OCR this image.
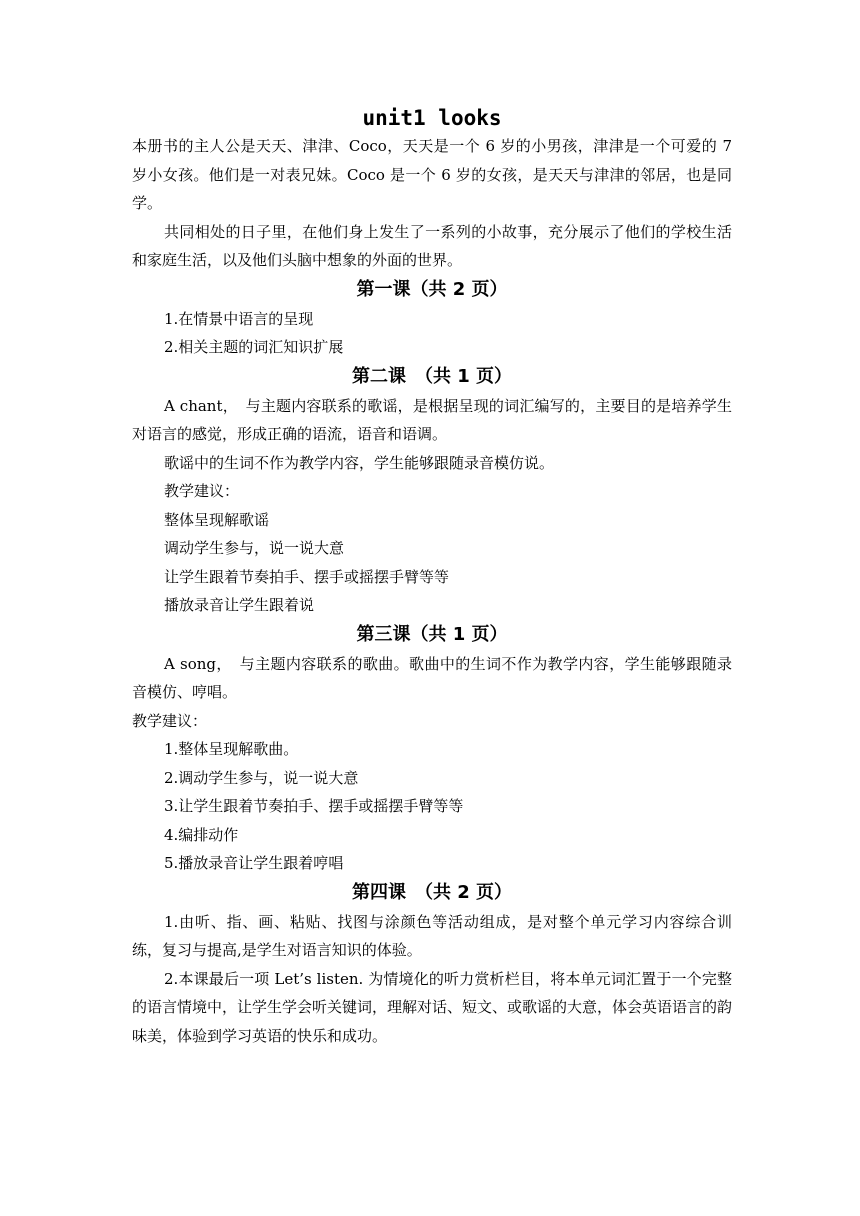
unit1 looks

本册书的主人公是天天、津津、Coco，天天是一个 6 岁的小男孩，津津是一个可爱的 7 岁小女孩。他们是一对表兄妹。Coco 是一个 6 岁的女孩，是天天与津津的邻居，也是同学。

共同相处的日子里，在他们身上发生了一系列的小故事，充分展示了他们的学校生活和家庭生活，以及他们头脑中想象的外面的世界。

第一课（共 2 页）

1.在情景中语言的呈现

2.相关主题的词汇知识扩展

第二课　（共 1 页）

A chant，　与主题内容联系的歌谣，是根据呈现的词汇编写的，主要目的是培养学生对语言的感觉，形成正确的语流，语音和语调。

歌谣中的生词不作为教学内容，学生能够跟随录音模仿说。

教学建议：

整体呈现解歌谣

调动学生参与，说一说大意

让学生跟着节奏拍手、摆手或摇摆手臂等等

播放录音让学生跟着说

第三课（共 1 页）

A song，　与主题内容联系的歌曲。歌曲中的生词不作为教学内容，学生能够跟随录音模仿、哼唱。

教学建议：

1.整体呈现解歌曲。

2.调动学生参与，说一说大意

3.让学生跟着节奏拍手、摆手或摇摆手臂等等

4.编排动作

5.播放录音让学生跟着哼唱

第四课　（共 2 页）

1.由听、指、画、粘贴、找图与涂颜色等活动组成，是对整个单元学习内容综合训练，复习与提高,是学生对语言知识的体验。

2.本课最后一项 Let’s listen. 为情境化的听力赏析栏目，将本单元词汇置于一个完整的语言情境中，让学生学会听关键词，理解对话、短文、或歌谣的大意，体会英语语言的韵味美，体验到学习英语的快乐和成功。
